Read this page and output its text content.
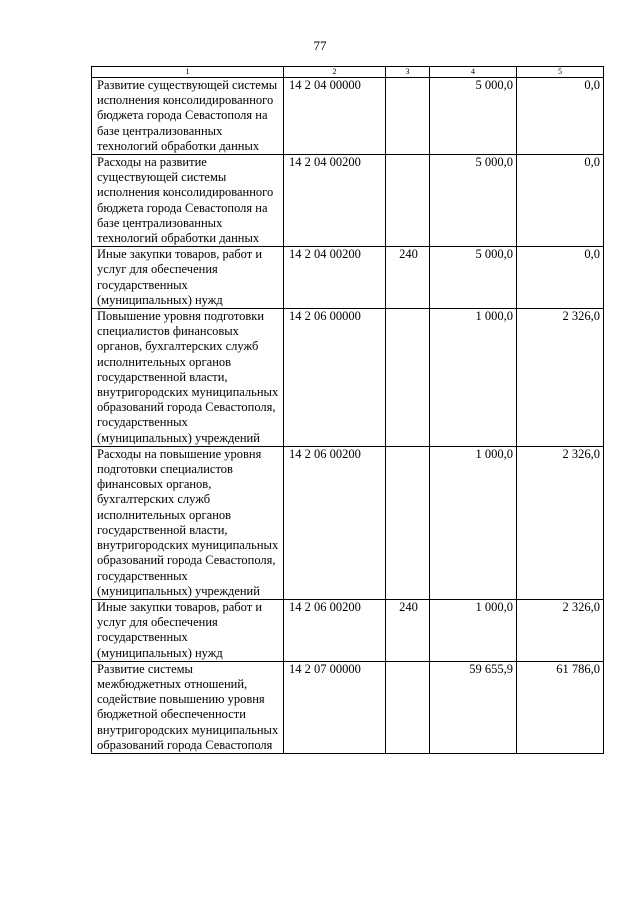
77
1	2	3	4	5
Развитие существующей системы исполнения консолидированного бюджета города Севастополя на базе централизованных технологий обработки данных	14 2 04 00000		5 000,0	0,0
Расходы на развитие существующей системы исполнения консолидированного бюджета города Севастополя на базе централизованных технологий обработки данных	14 2 04 00200		5 000,0	0,0
Иные закупки товаров, работ и услуг для обеспечения государственных (муниципальных) нужд	14 2 04 00200	240	5 000,0	0,0
Повышение уровня подготовки специалистов финансовых органов, бухгалтерских служб исполнительных органов государственной власти, внутригородских муниципальных образований города Севастополя, государственных (муниципальных) учреждений	14 2 06 00000		1 000,0	2 326,0
Расходы на повышение уровня подготовки специалистов финансовых органов, бухгалтерских служб исполнительных органов государственной власти, внутригородских муниципальных образований города Севастополя, государственных (муниципальных) учреждений	14 2 06 00200		1 000,0	2 326,0
Иные закупки товаров, работ и услуг для обеспечения государственных (муниципальных) нужд	14 2 06 00200	240	1 000,0	2 326,0
Развитие системы межбюджетных отношений, содействие повышению уровня бюджетной обеспеченности внутригородских муниципальных образований города Севастополя	14 2 07 00000		59 655,9	61 786,0
